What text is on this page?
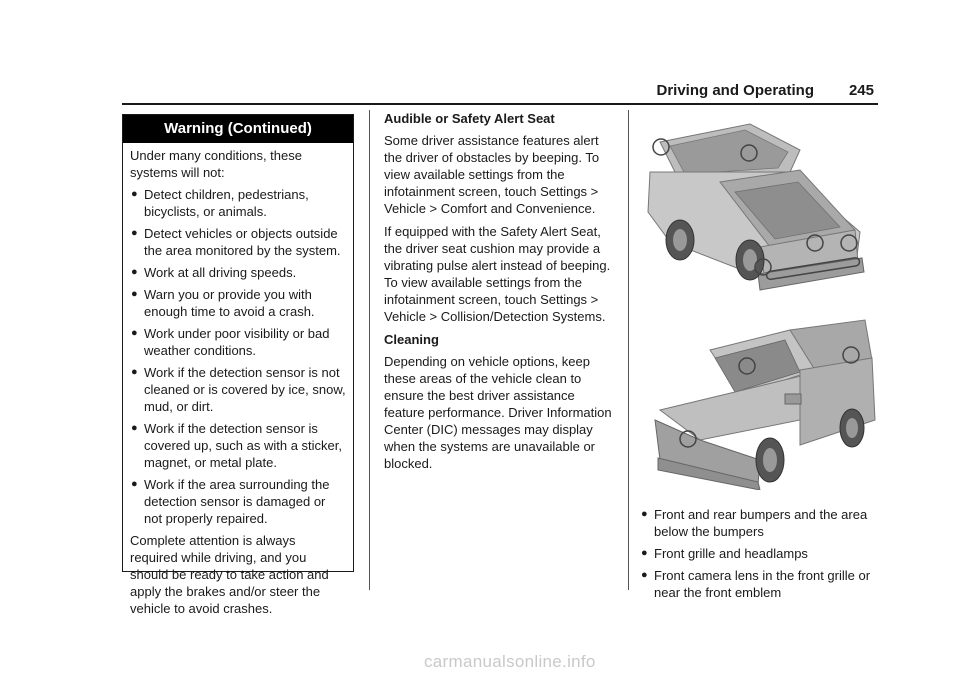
Driving and Operating 245
Warning (Continued)

Under many conditions, these systems will not:

● Detect children, pedestrians, bicyclists, or animals.
● Detect vehicles or objects outside the area monitored by the system.
● Work at all driving speeds.
● Warn you or provide you with enough time to avoid a crash.
● Work under poor visibility or bad weather conditions.
● Work if the detection sensor is not cleaned or is covered by ice, snow, mud, or dirt.
● Work if the detection sensor is covered up, such as with a sticker, magnet, or metal plate.
● Work if the area surrounding the detection sensor is damaged or not properly repaired.

Complete attention is always required while driving, and you should be ready to take action and apply the brakes and/or steer the vehicle to avoid crashes.

Audible or Safety Alert Seat

Some driver assistance features alert the driver of obstacles by beeping. To view available settings from the infotainment screen, touch Settings > Vehicle > Comfort and Convenience.

If equipped with the Safety Alert Seat, the driver seat cushion may provide a vibrating pulse alert instead of beeping. To view available settings from the infotainment screen, touch Settings > Vehicle > Collision/Detection Systems.

Cleaning

Depending on vehicle options, keep these areas of the vehicle clean to ensure the best driver assistance feature performance. Driver Information Center (DIC) messages may display when the systems are unavailable or blocked.

● Front and rear bumpers and the area below the bumpers
● Front grille and headlamps
● Front camera lens in the front grille or near the front emblem
carmanualsonline.info
